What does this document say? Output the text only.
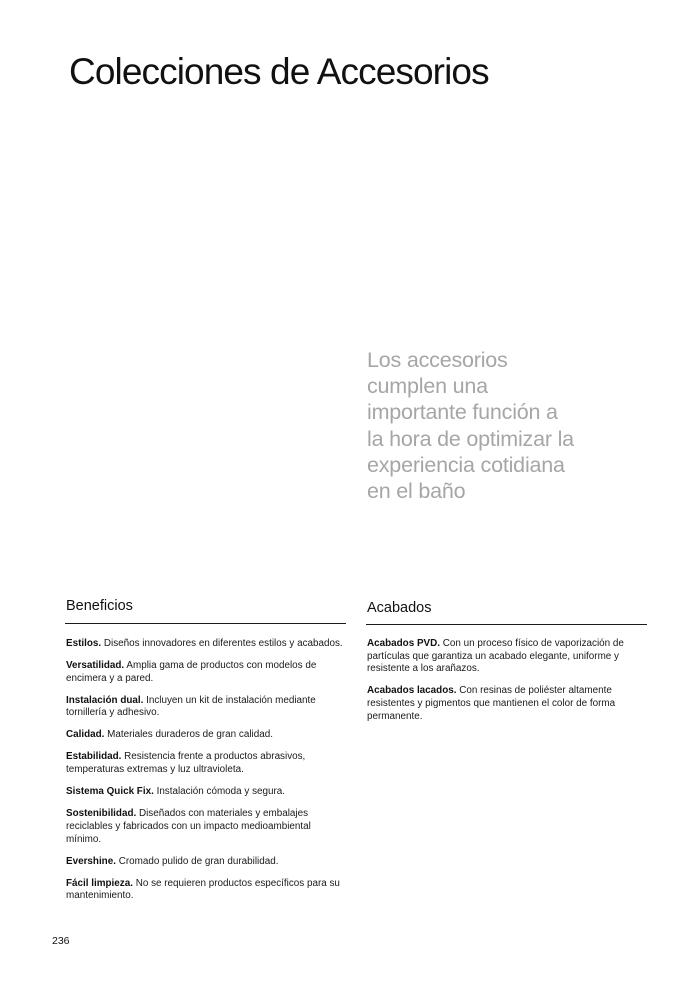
Colecciones de Accesorios

Los accesorios
cumplen una
importante función a
la hora de optimizar la
experiencia cotidiana
en el baño

Beneficios

Estilos. Diseños innovadores en diferentes estilos y acabados.

Versatilidad. Amplia gama de productos con modelos de encimera y a pared.

Instalación dual. Incluyen un kit de instalación mediante tornillería y adhesivo.

Calidad. Materiales duraderos de gran calidad.

Estabilidad. Resistencia frente a productos abrasivos, temperaturas extremas y luz ultravioleta.

Sistema Quick Fix. Instalación cómoda y segura.

Sostenibilidad. Diseñados con materiales y embalajes reciclables y fabricados con un impacto medioambiental mínimo.

Evershine. Cromado pulido de gran durabilidad.

Fácil limpieza. No se requieren productos específicos para su mantenimiento.

Acabados

Acabados PVD. Con un proceso físico de vaporización de partículas que garantiza un acabado elegante, uniforme y resistente a los arañazos.

Acabados lacados. Con resinas de poliéster altamente resistentes y pigmentos que mantienen el color de forma permanente.

236
